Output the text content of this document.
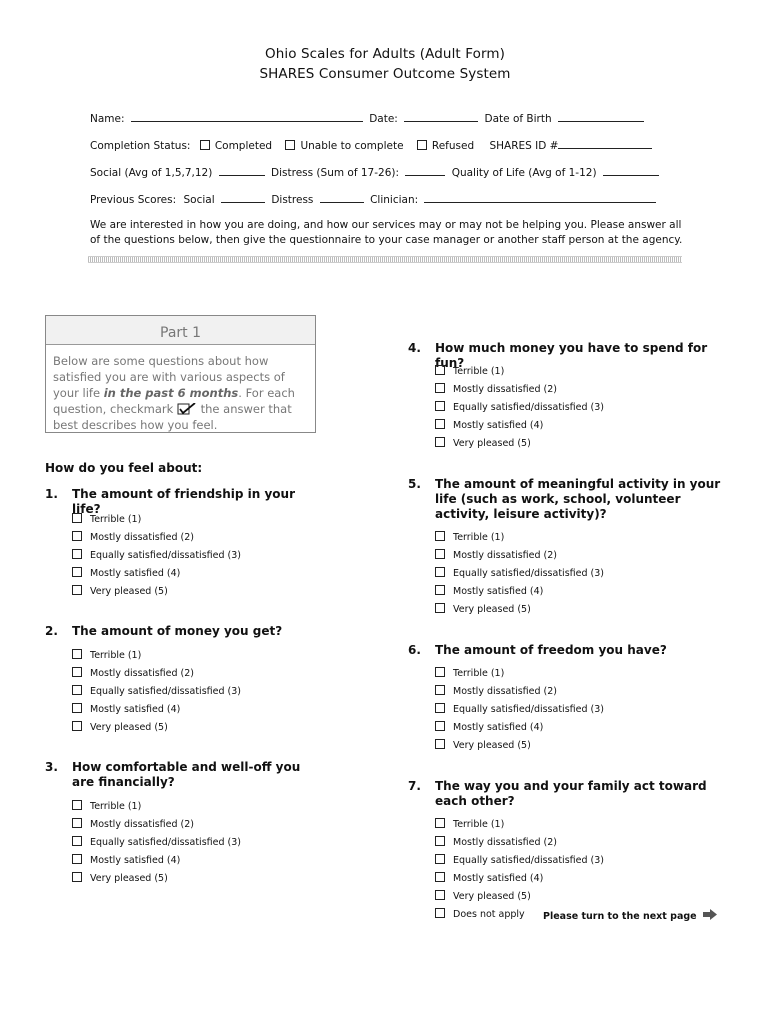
Ohio Scales for Adults (Adult Form)
SHARES Consumer Outcome System
Name:	Date:	Date of Birth
Completion Status: Completed	Unable to complete	Refused SHARES ID #
Social (Avg of 1,5,7,12)	Distress (Sum of 17-26):	Quality of Life (Avg of 1-12)
Previous Scores: Social	Distress	Clinician:
We are interested in how you are doing, and how our services may or may not be helping you. Please answer all of the questions below, then give the questionnaire to your case manager or another staff person at the agency.
Part 1
Below are some questions about how satisfied you are with various aspects of your life in the past 6 months. For each question, checkmark  the answer that best describes how you feel.
How do you feel about:
1. The amount of friendship in your life?
Terrible (1)
Mostly dissatisfied (2)
Equally satisfied/dissatisfied (3)
Mostly satisfied (4)
Very pleased (5)
2. The amount of money you get?
Terrible (1)
Mostly dissatisfied (2)
Equally satisfied/dissatisfied (3)
Mostly satisfied (4)
Very pleased (5)
3. How comfortable and well-off you are financially?
Terrible (1)
Mostly dissatisfied (2)
Equally satisfied/dissatisfied (3)
Mostly satisfied (4)
Very pleased (5)
4. How much money you have to spend for fun?
Terrible (1)
Mostly dissatisfied (2)
Equally satisfied/dissatisfied (3)
Mostly satisfied (4)
Very pleased (5)
5. The amount of meaningful activity in your life (such as work, school, volunteer activity, leisure activity)?
Terrible (1)
Mostly dissatisfied (2)
Equally satisfied/dissatisfied (3)
Mostly satisfied (4)
Very pleased (5)
6. The amount of freedom you have?
Terrible (1)
Mostly dissatisfied (2)
Equally satisfied/dissatisfied (3)
Mostly satisfied (4)
Very pleased (5)
7. The way you and your family act toward each other?
Terrible (1)
Mostly dissatisfied (2)
Equally satisfied/dissatisfied (3)
Mostly satisfied (4)
Very pleased (5)
Does not apply Please turn to the next page
